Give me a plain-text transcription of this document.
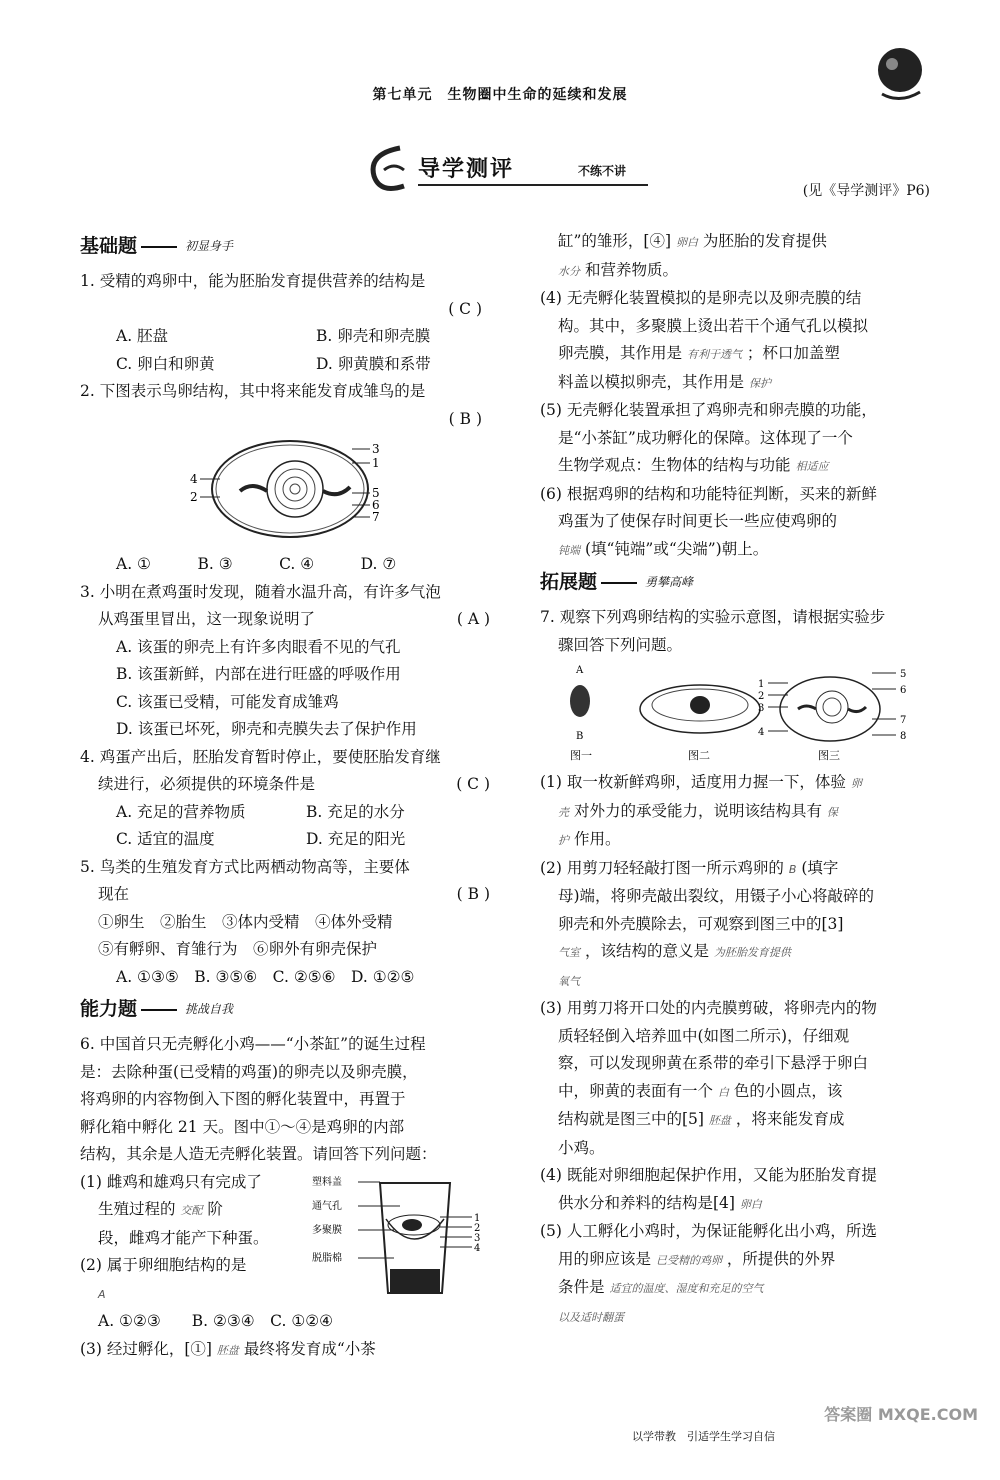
第七单元　生物圈中生命的延续和发展
导学测评	不练不讲
(见《导学测评》P6)
基础题	初显身手

1. 受精的鸡卵中，能为胚胎发育提供营养的结构是

( C )

A. 胚盘	B. 卵壳和卵壳膜
C. 卵白和卵黄	D. 卵黄膜和系带

2. 下图表示鸟卵结构，其中将来能发育成雏鸟的是

( B )

4
2
3
1
5
6
7

A. ①　　　B. ③　　　C. ④　　　D. ⑦

3. 小明在煮鸡蛋时发现，随着水温升高，有许多气泡

从鸡蛋里冒出，这一现象说明了	( A )

A. 该蛋的卵壳上有许多肉眼看不见的气孔

B. 该蛋新鲜，内部在进行旺盛的呼吸作用

C. 该蛋已受精，可能发育成雏鸡

D. 该蛋已坏死，卵壳和壳膜失去了保护作用

4. 鸡蛋产出后，胚胎发育暂时停止，要使胚胎发育继

续进行，必须提供的环境条件是	( C )

A. 充足的营养物质	B. 充足的水分
C. 适宜的温度	D. 充足的阳光

5. 鸟类的生殖发育方式比两栖动物高等，主要体

现在	( B )

①卵生　②胎生　③体内受精　④体外受精

⑤有孵卵、育雏行为　⑥卵外有卵壳保护

A. ①③⑤　B. ③⑤⑥　C. ②⑤⑥　D. ①②⑤

能力题	挑战自我

6. 中国首只无壳孵化小鸡——“小茶缸”的诞生过程

是：去除种蛋(已受精的鸡蛋)的卵壳以及卵壳膜，

将鸡卵的内容物倒入下图的孵化装置中，再置于

孵化箱中孵化 21 天。图中①～④是鸡卵的内部

结构，其余是人造无壳孵化装置。请回答下列问题：

(1) 雌鸡和雄鸡只有完成了

生殖过程的 交配 阶

段，雌鸡才能产下种蛋。

(2) 属于卵细胞结构的是

A

塑料盖
通气孔
多聚膜
脱脂棉
1
2
3
4

A. ①②③　　B. ②③④　C. ①②④

(3) 经过孵化，[①] 胚盘 最终将发育成“小茶

缸”的雏形，[④] 卵白 为胚胎的发育提供

水分 和营养物质。

(4) 无壳孵化装置模拟的是卵壳以及卵壳膜的结

构。其中，多聚膜上烫出若干个通气孔以模拟

卵壳膜，其作用是 有利于透气 ；杯口加盖塑

料盖以模拟卵壳，其作用是 保护

(5) 无壳孵化装置承担了鸡卵壳和卵壳膜的功能，

是“小茶缸”成功孵化的保障。这体现了一个

生物学观点：生物体的结构与功能 相适应

(6) 根据鸡卵的结构和功能特征判断，买来的新鲜

鸡蛋为了使保存时间更长一些应使鸡卵的

钝端 (填“钝端”或“尖端”)朝上。

拓展题	勇攀高峰

7. 观察下列鸡卵结构的实验示意图，请根据实验步

骤回答下列问题。

A
B
1
2
3
4
5
6
7
8
图一	图二	图三

(1) 取一枚新鲜鸡卵，适度用力握一下，体验 卵

壳 对外力的承受能力，说明该结构具有 保

护 作用。

(2) 用剪刀轻轻敲打图一所示鸡卵的 B (填字

母)端，将卵壳敲出裂纹，用镊子小心将敲碎的

卵壳和外壳膜除去，可观察到图三中的[3]

气室 ，该结构的意义是 为胚胎发育提供

氧气

(3) 用剪刀将开口处的内壳膜剪破，将卵壳内的物

质轻轻倒入培养皿中(如图二所示)，仔细观

察，可以发现卵黄在系带的牵引下悬浮于卵白

中，卵黄的表面有一个 白 色的小圆点，该

结构就是图三中的[5] 胚盘 ，将来能发育成

小鸡。

(4) 既能对卵细胞起保护作用，又能为胚胎发育提

供水分和养料的结构是[4] 卵白

(5) 人工孵化小鸡时，为保证能孵化出小鸡，所选

用的卵应该是 已受精的鸡卵 ，所提供的外界

条件是 适宜的温度、湿度和充足的空气

以及适时翻蛋

以学带教　引适学生学习自信
答案圈 MXQE.COM
